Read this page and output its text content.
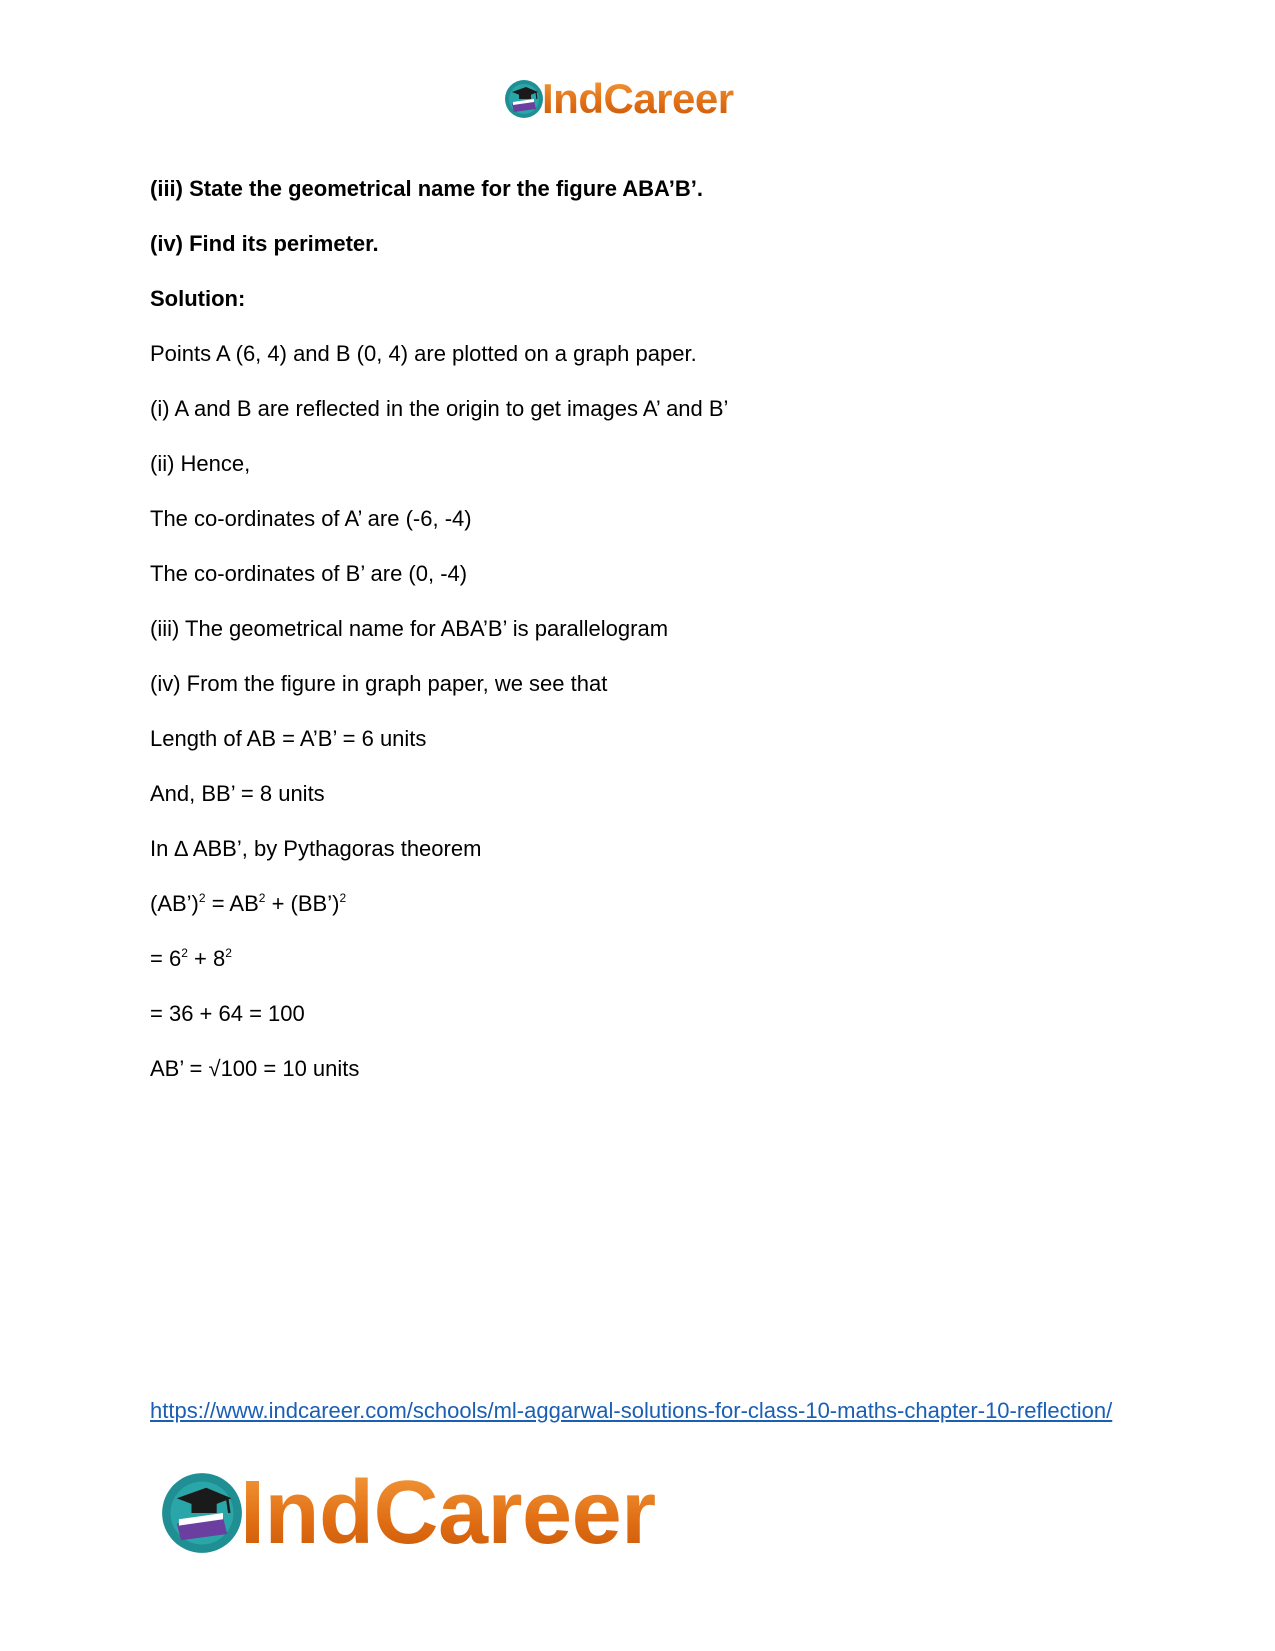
IndCareer
(iii) State the geometrical name for the figure ABA’B’.
(iv) Find its perimeter.
Solution:
Points A (6, 4) and B (0, 4) are plotted on a graph paper.
(i) A and B are reflected in the origin to get images A’ and B’
(ii) Hence,
The co-ordinates of A’ are (-6, -4)
The co-ordinates of B’ are (0, -4)
(iii) The geometrical name for ABA’B’ is parallelogram
(iv) From the figure in graph paper, we see that
Length of AB = A’B’ = 6 units
And, BB’ = 8 units
In ∆ ABB’, by Pythagoras theorem
(AB’)$^2$ = $AB^2$ + (BB’)$^2$
= $6^2 + 8^2$
= 36 + 64 = 100
AB’ = √100 = 10 units
https://www.indcareer.com/schools/ml-aggarwal-solutions-for-class-10-maths-chapter-10-reflection/
IndCareer
